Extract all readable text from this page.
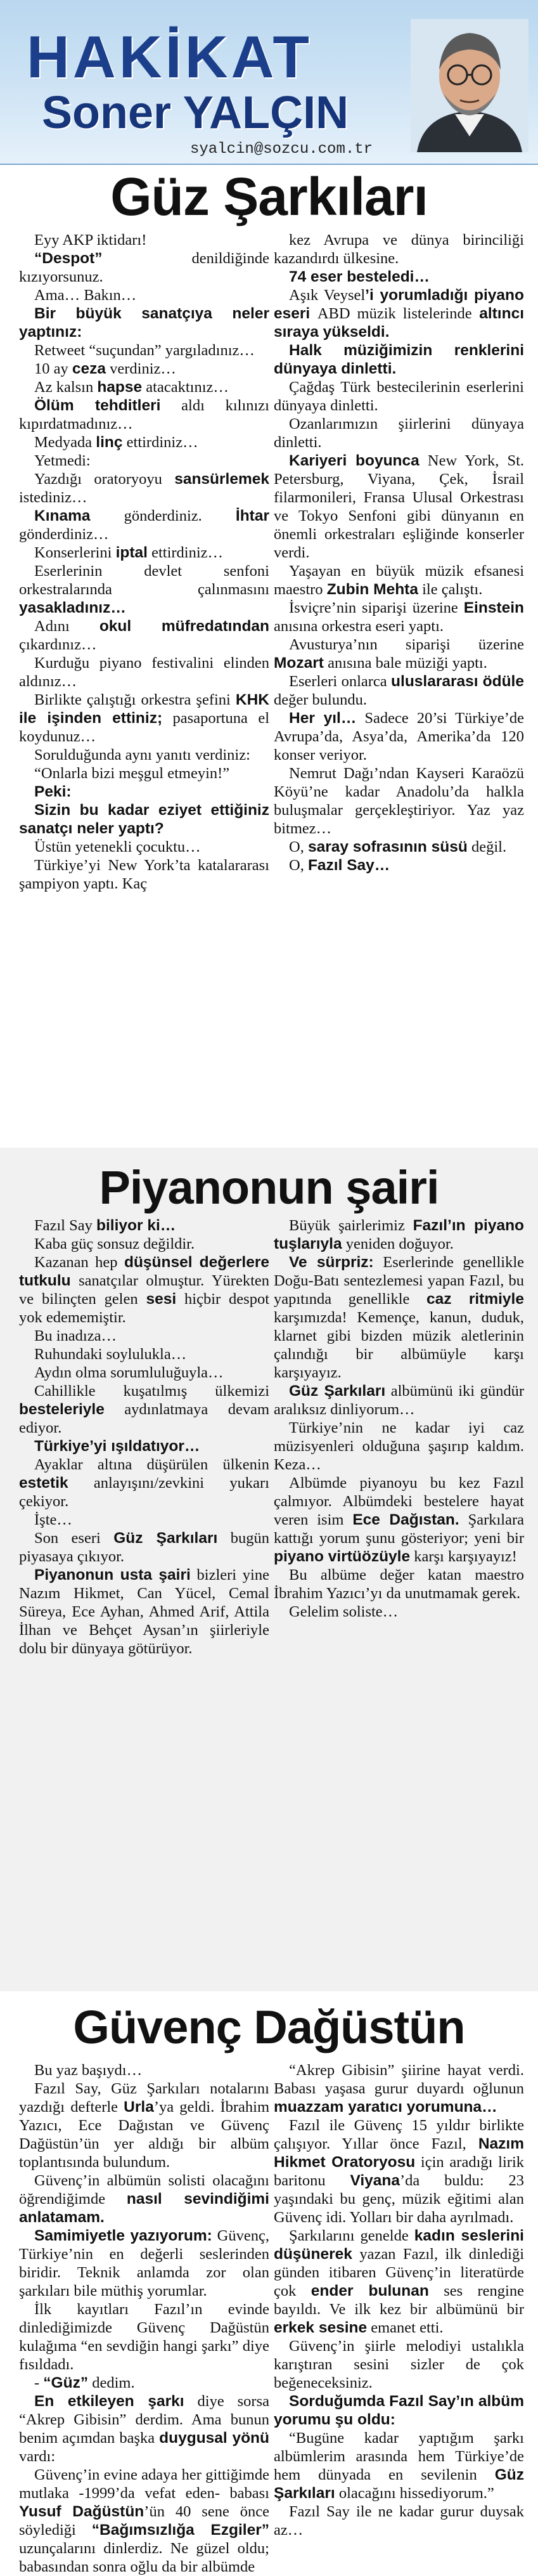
HAKİKAT
Soner YALÇIN
syalcin@sozcu.com.tr
Güz Şarkıları

Eyy AKP iktidarı!

“Despot” denildiğinde kızıyorsunuz.

Ama… Bakın…

Bir büyük sanatçıya neler yaptınız:

Retweet “suçundan” yargıladınız…

10 ay ceza verdiniz…

Az kalsın hapse atacaktınız…

Ölüm tehditleri aldı kılınızı kıpırdatmadınız…

Medyada linç ettirdiniz…

Yetmedi:

Yazdığı oratoryoyu sansürlemek istediniz…

Kınama gönderdiniz. İhtar gönderdiniz…

Konserlerini iptal ettirdiniz…

Eserlerinin devlet senfoni orkestralarında çalınmasını yasakladınız…

Adını okul müfredatından çıkardınız…

Kurduğu piyano festivalini elinden aldınız…

Birlikte çalıştığı orkestra şefini KHK ile işinden ettiniz; pasaportuna el koydunuz…

Sorulduğunda aynı yanıtı verdiniz:

“Onlarla bizi meşgul etmeyin!”

Peki:

Sizin bu kadar eziyet ettiğiniz sanatçı neler yaptı?

Üstün yetenekli çocuktu…

Türkiye’yi New York’ta katalararası şampiyon yaptı. Kaç

kez Avrupa ve dünya birinciliği kazandırdı ülkesine.

74 eser besteledi…

Aşık Veysel’i yorumladığı piyano eseri ABD müzik listelerinde altıncı sıraya yükseldi.

Halk müziğimizin renklerini dünyaya dinletti.

Çağdaş Türk bestecilerinin eserlerini dünyaya dinletti.

Ozanlarımızın şiirlerini dünyaya dinletti.

Kariyeri boyunca New York, St. Petersburg, Viyana, Çek, İsrail filarmonileri, Fransa Ulusal Orkestrası ve Tokyo Senfoni gibi dünyanın en önemli orkestraları eşliğinde konserler verdi.

Yaşayan en büyük müzik efsanesi maestro Zubin Mehta ile çalıştı.

İsviçre’nin siparişi üzerine Einstein anısına orkestra eseri yaptı.

Avusturya’nın siparişi üzerine Mozart anısına bale müziği yaptı.

Eserleri onlarca uluslararası ödüle değer bulundu.

Her yıl… Sadece 20’si Türkiye’de Avrupa’da, Asya’da, Amerika’da 120 konser veriyor.

Nemrut Dağı’ndan Kayseri Karaözü Köyü’ne kadar Anadolu’da halkla buluşmalar gerçekleştiriyor. Yaz yaz bitmez…

O, saray sofrasının süsü değil.

O, Fazıl Say…

Piyanonun şairi

Fazıl Say biliyor ki…

Kaba güç sonsuz değildir.

Kazanan hep düşünsel değerlere tutkulu sanatçılar olmuştur. Yürekten ve bilinçten gelen sesi hiçbir despot yok edememiştir.

Bu inadıza…

Ruhundaki soylulukla…

Aydın olma sorumluluğuyla…

Cahillikle kuşatılmış ülkemizi besteleriyle aydınlatmaya devam ediyor.

Türkiye’yi ışıldatıyor…

Ayaklar altına düşürülen ülkenin estetik anlayışını/zevkini yukarı çekiyor.

İşte…

Son eseri Güz Şarkıları bugün piyasaya çıkıyor.

Piyanonun usta şairi bizleri yine Nazım Hikmet, Can Yücel, Cemal Süreya, Ece Ayhan, Ahmed Arif, Attila İlhan ve Behçet Aysan’ın şiirleriyle dolu bir dünyaya götürüyor.

Büyük şairlerimiz Fazıl’ın piyano tuşlarıyla yeniden doğuyor.

Ve sürpriz: Eserlerinde genellikle Doğu-Batı sentezlemesi yapan Fazıl, bu yapıtında genellikle caz ritmiyle karşımızda! Kemençe, kanun, duduk, klarnet gibi bizden müzik aletlerinin çalındığı bir albümüyle karşı karşıyayız.

Güz Şarkıları albümünü iki gündür aralıksız dinliyorum…

Türkiye’nin ne kadar iyi caz müzisyenleri olduğuna şaşırıp kaldım. Keza…

Albümde piyanoyu bu kez Fazıl çalmıyor. Albümdeki bestelere hayat veren isim Ece Dağıstan. Şarkılara kattığı yorum şunu gösteriyor; yeni bir piyano virtüözüyle karşı karşıyayız!

Bu albüme değer katan maestro İbrahim Yazıcı’yı da unutmamak gerek.

Gelelim soliste…

Güvenç Dağüstün

Bu yaz başıydı…

Fazıl Say, Güz Şarkıları notalarını yazdığı defterle Urla’ya geldi. İbrahim Yazıcı, Ece Dağıstan ve Güvenç Dağüstün’ün yer aldığı bir albüm toplantısında bulundum.

Güvenç’in albümün solisti olacağını öğrendiğimde nasıl sevindiğimi anlatamam.

Samimiyetle yazıyorum: Güvenç, Türkiye’nin en değerli seslerinden biridir. Teknik anlamda zor olan şarkıları bile müthiş yorumlar.

İlk kayıtları Fazıl’ın evinde dinlediğimizde Güvenç Dağüstün kulağıma “en sevdiğin hangi şarkı” diye fısıldadı.

- “Güz” dedim.

En etkileyen şarkı diye sorsa “Akrep Gibisin” derdim. Ama bunun benim açımdan başka duygusal yönü vardı:

Güvenç’in evine adaya her gittiğimde mutlaka -1999’da vefat eden- babası Yusuf Dağüstün’ün 40 sene önce söylediği “Bağımsızlığa Ezgiler” uzunçalarını dinlerdiz. Ne güzel oldu; babasından sonra oğlu da bir albümde

“Akrep Gibisin” şiirine hayat verdi. Babası yaşasa gurur duyardı oğlunun muazzam yaratıcı yorumuna…

Fazıl ile Güvenç 15 yıldır birlikte çalışıyor. Yıllar önce Fazıl, Nazım Hikmet Oratoryosu için aradığı lirik baritonu Viyana’da buldu: 23 yaşındaki bu genç, müzik eğitimi alan Güvenç idi. Yolları bir daha ayrılmadı.

Şarkılarını genelde kadın seslerini düşünerek yazan Fazıl, ilk dinlediği günden itibaren Güvenç’in literatürde çok ender bulunan ses rengine bayıldı. Ve ilk kez bir albümünü bir erkek sesine emanet etti.

Güvenç’in şiirle melodiyi ustalıkla karıştıran sesini sizler de çok beğeneceksiniz.

Sorduğumda Fazıl Say’ın albüm yorumu şu oldu:

“Bugüne kadar yaptığım şarkı albümlerim arasında hem Türkiye’de hem dünyada en sevilenin Güz Şarkıları olacağını hissediyorum.”

Fazıl Say ile ne kadar gurur duysak az…
